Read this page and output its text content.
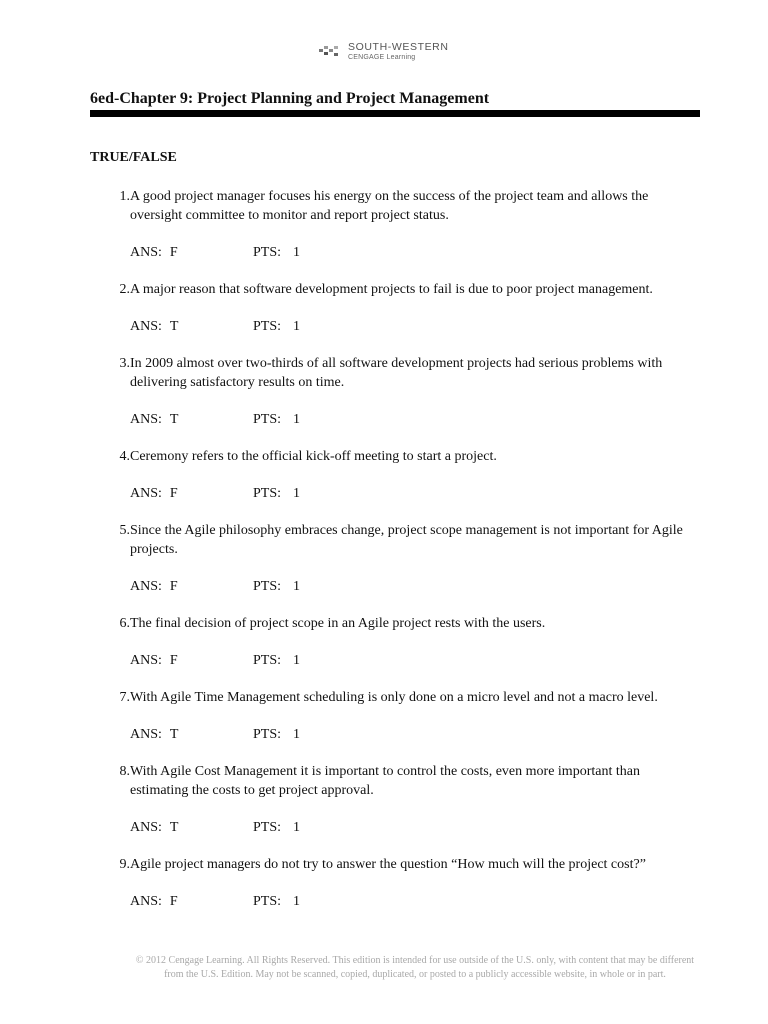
SOUTH-WESTERN
CENGAGE Learning
6ed-Chapter 9: Project Planning and Project Management
TRUE/FALSE
1. A good project manager focuses his energy on the success of the project team and allows the oversight committee to monitor and report project status.
ANS: F	PTS: 1
2. A major reason that software development projects to fail is due to poor project management.
ANS: T	PTS: 1
3. In 2009 almost over two-thirds of all software development projects had serious problems with delivering satisfactory results on time.
ANS: T	PTS: 1
4. Ceremony refers to the official kick-off meeting to start a project.
ANS: F	PTS: 1
5. Since the Agile philosophy embraces change, project scope management is not important for Agile projects.
ANS: F	PTS: 1
6. The final decision of project scope in an Agile project rests with the users.
ANS: F	PTS: 1
7. With Agile Time Management scheduling is only done on a micro level and not a macro level.
ANS: T	PTS: 1
8. With Agile Cost Management it is important to control the costs, even more important than estimating the costs to get project approval.
ANS: T	PTS: 1
9. Agile project managers do not try to answer the question “How much will the project cost?”
ANS: F	PTS: 1
© 2012 Cengage Learning. All Rights Reserved. This edition is intended for use outside of the U.S. only, with content that may be different
from the U.S. Edition. May not be scanned, copied, duplicated, or posted to a publicly accessible website, in whole or in part.
